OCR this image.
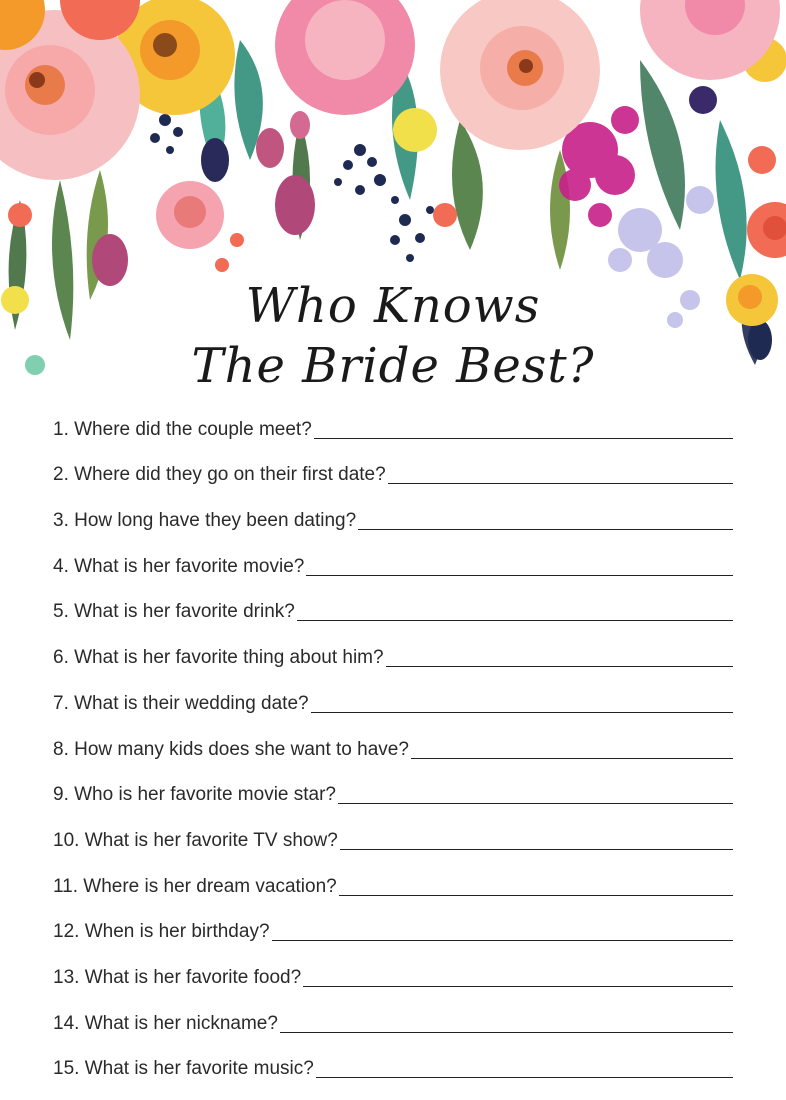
Who Knows
The Bride Best?
1. Where did the couple meet?
2. Where did they go on their first date?
3. How long have they been dating?
4. What is her favorite movie?
5. What is her favorite drink?
6. What is her favorite thing about him?
7. What is their wedding date?
8. How many kids does she want to have?
9. Who is her favorite movie star?
10. What is her favorite TV show?
11. Where is her dream vacation?
12. When is her birthday?
13. What is her favorite food?
14. What is her nickname?
15. What is her favorite music?
